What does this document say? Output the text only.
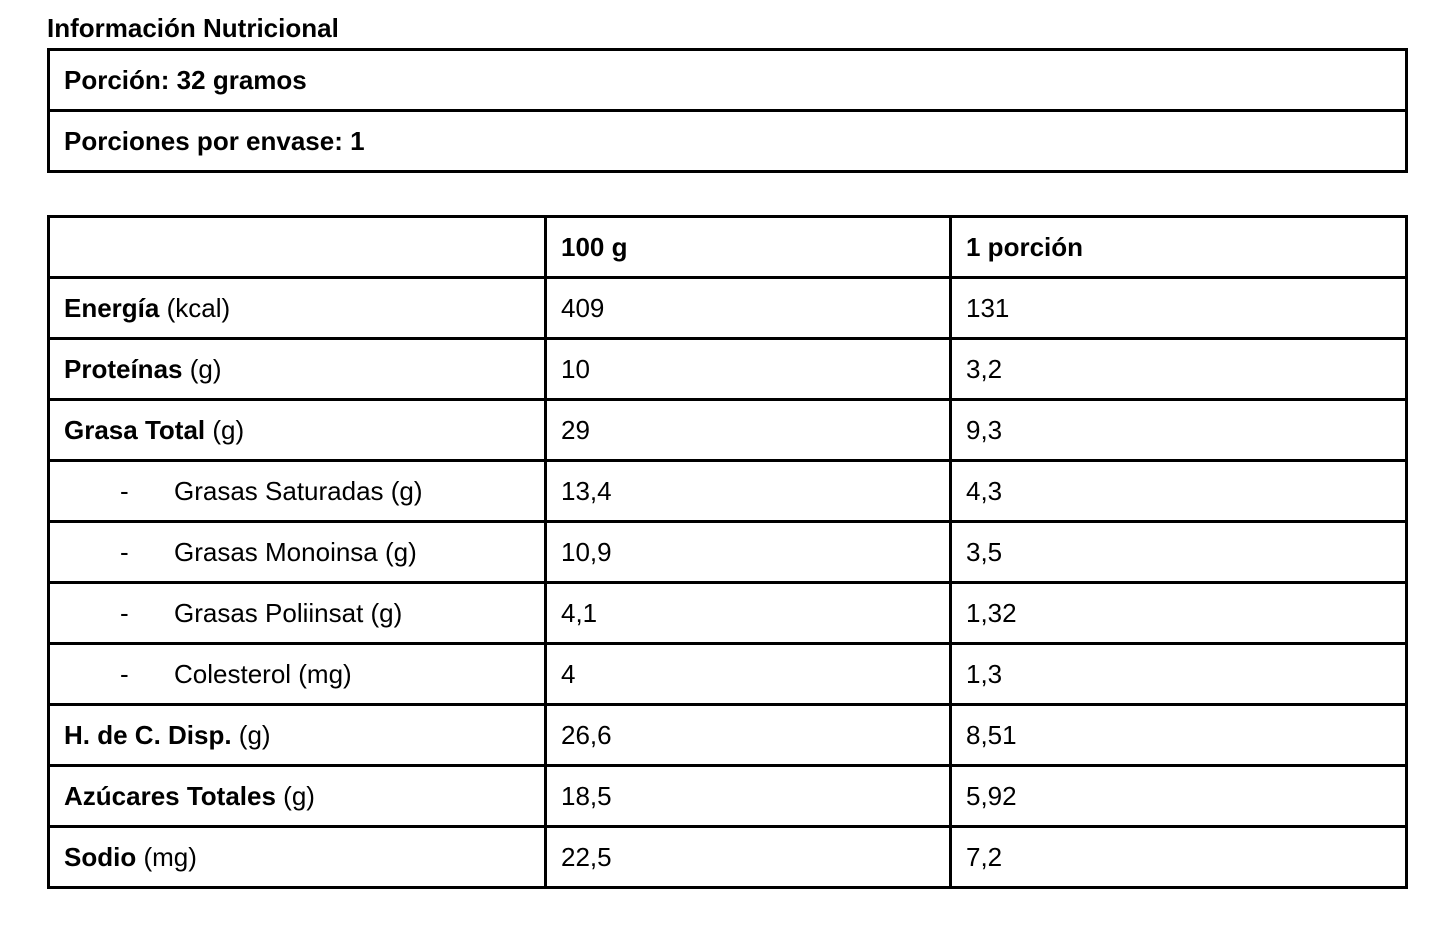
Información Nutricional
Porción: 32 gramos
Porciones por envase: 1
	100 g	1 porción
Energía (kcal)	409	131
Proteínas (g)	10	3,2
Grasa Total (g)	29	9,3
- Grasas Saturadas (g)	13,4	4,3
- Grasas Monoinsa (g)	10,9	3,5
- Grasas Poliinsat (g)	4,1	1,32
- Colesterol (mg)	4	1,3
H. de C. Disp. (g)	26,6	8,51
Azúcares Totales (g)	18,5	5,92
Sodio (mg)	22,5	7,2
